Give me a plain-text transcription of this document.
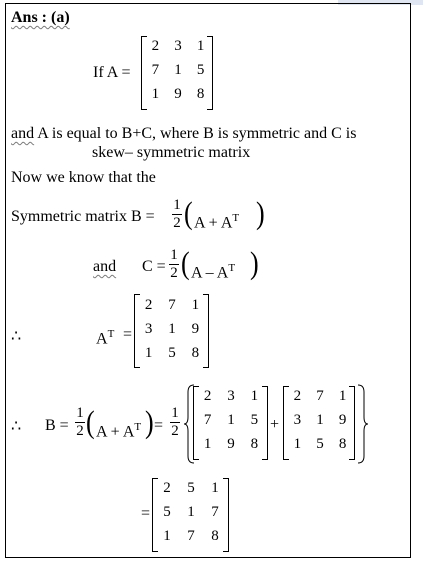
Ans : (a)
If A =
2	3	1
7	1	5
1	9	8
and A is equal to B+C, where B is symmetric and C is
skew– symmetric matrix
Now we know that the
Symmetric matrix B =
1
2 ( $A + A^T$ )
and C =
1
2 ( A – $A^T$ )
∴	$A^T$ =
2	7	1
3	1	9
1	5	8
∴ B =
1
2 ( $A + A^T$ ) =
1
2
2	3	1
7	1	5
1	9	8
+
2	7	1
3	1	9
1	5	8
=
2	5	1
5	1	7
1	7	8
